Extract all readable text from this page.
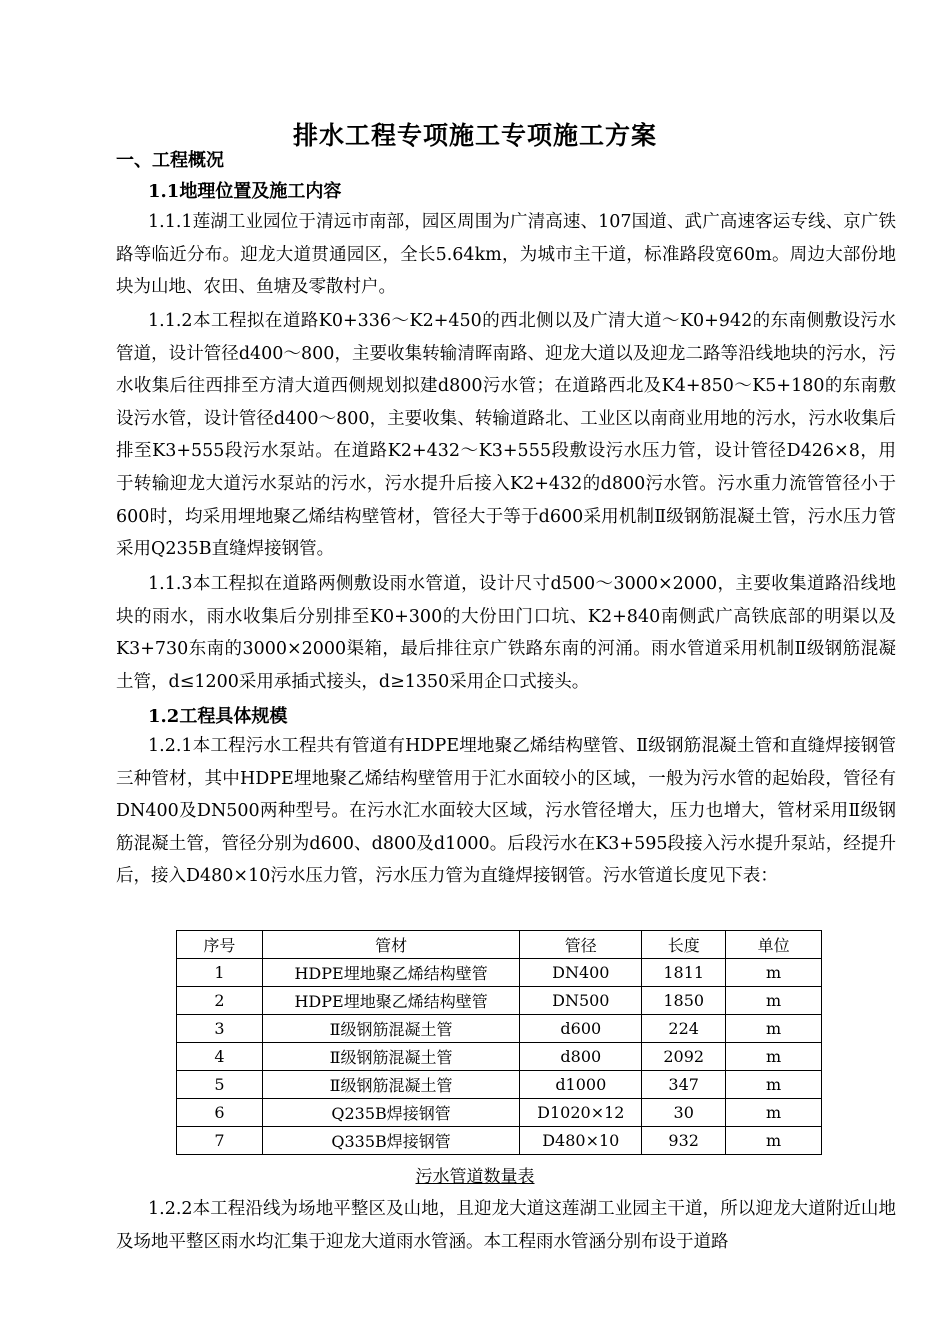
排水工程专项施工专项施工方案
一、工程概况
1.1地理位置及施工内容

1.1.1莲湖工业园位于清远市南部，园区周围为广清高速、107国道、武广高速客运专线、京广铁路等临近分布。迎龙大道贯通园区，全长5.64km，为城市主干道，标准路段宽60m。周边大部份地块为山地、农田、鱼塘及零散村户。

1.1.2本工程拟在道路K0+336～K2+450的西北侧以及广清大道～K0+942的东南侧敷设污水管道，设计管径d400～800，主要收集转输清晖南路、迎龙大道以及迎龙二路等沿线地块的污水，污水收集后往西排至方清大道西侧规划拟建d800污水管；在道路西北及K4+850～K5+180的东南敷设污水管，设计管径d400～800，主要收集、转输道路北、工业区以南商业用地的污水，污水收集后排至K3+555段污水泵站。在道路K2+432～K3+555段敷设污水压力管，设计管径D426×8，用于转输迎龙大道污水泵站的污水，污水提升后接入K2+432的d800污水管。污水重力流管管径小于600时，均采用埋地聚乙烯结构壁管材，管径大于等于d600采用机制Ⅱ级钢筋混凝土管，污水压力管采用Q235B直缝焊接钢管。

1.1.3本工程拟在道路两侧敷设雨水管道，设计尺寸d500～3000×2000，主要收集道路沿线地块的雨水，雨水收集后分别排至K0+300的大份田门口坑、K2+840南侧武广高铁底部的明渠以及K3+730东南的3000×2000渠箱，最后排往京广铁路东南的河涌。雨水管道采用机制Ⅱ级钢筋混凝土管，d≤1200采用承插式接头，d≥1350采用企口式接头。

1.2工程具体规模

1.2.1本工程污水工程共有管道有HDPE埋地聚乙烯结构壁管、Ⅱ级钢筋混凝土管和直缝焊接钢管三种管材，其中HDPE埋地聚乙烯结构壁管用于汇水面较小的区域，一般为污水管的起始段，管径有DN400及DN500两种型号。在污水汇水面较大区域，污水管径增大，压力也增大，管材采用Ⅱ级钢筋混凝土管，管径分别为d600、d800及d1000。后段污水在K3+595段接入污水提升泵站，经提升后，接入D480×10污水压力管，污水压力管为直缝焊接钢管。污水管道长度见下表：

序号	管材	管径	长度	单位
1	HDPE埋地聚乙烯结构壁管	DN400	1811	m
2	HDPE埋地聚乙烯结构壁管	DN500	1850	m
3	Ⅱ级钢筋混凝土管	d600	224	m
4	Ⅱ级钢筋混凝土管	d800	2092	m
5	Ⅱ级钢筋混凝土管	d1000	347	m
6	Q235B焊接钢管	D1020×12	30	m
7	Q335B焊接钢管	D480×10	932	m
污水管道数量表

1.2.2本工程沿线为场地平整区及山地，且迎龙大道这莲湖工业园主干道，所以迎龙大道附近山地及场地平整区雨水均汇集于迎龙大道雨水管涵。本工程雨水管涵分别布设于道路
